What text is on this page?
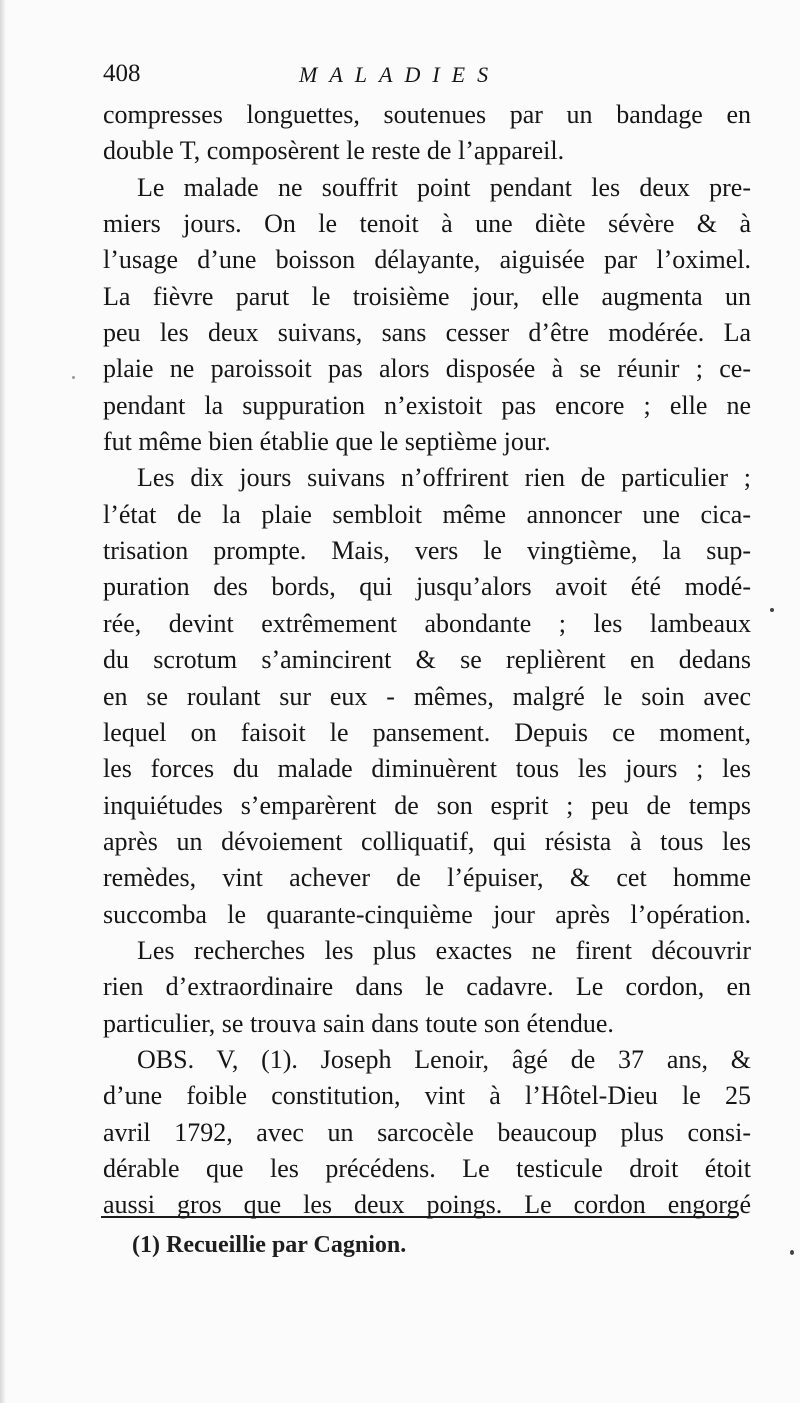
408	MALADIES
compresses longuettes, soutenues par un bandage en
double T, composèrent le reste de l’appareil.
Le malade ne souffrit point pendant les deux pre-
miers jours. On le tenoit à une diète sévère & à
l’usage d’une boisson délayante, aiguisée par l’oximel.
La fièvre parut le troisième jour, elle augmenta un
peu les deux suivans, sans cesser d’être modérée. La
plaie ne paroissoit pas alors disposée à se réunir ; ce-
pendant la suppuration n’existoit pas encore ; elle ne
fut même bien établie que le septième jour.
Les dix jours suivans n’offrirent rien de particulier ;
l’état de la plaie sembloit même annoncer une cica-
trisation prompte. Mais, vers le vingtième, la sup-
puration des bords, qui jusqu’alors avoit été modé-
rée, devint extrêmement abondante ; les lambeaux
du scrotum s’amincirent & se replièrent en dedans
en se roulant sur eux - mêmes, malgré le soin avec
lequel on faisoit le pansement. Depuis ce moment,
les forces du malade diminuèrent tous les jours ; les
inquiétudes s’emparèrent de son esprit ; peu de temps
après un dévoiement colliquatif, qui résista à tous les
remèdes, vint achever de l’épuiser, & cet homme
succomba le quarante-cinquième jour après l’opération.
Les recherches les plus exactes ne firent découvrir
rien d’extraordinaire dans le cadavre. Le cordon, en
particulier, se trouva sain dans toute son étendue.
OBS. V, (1). Joseph Lenoir, âgé de 37 ans, &
d’une foible constitution, vint à l’Hôtel-Dieu le 25
avril 1792, avec un sarcocèle beaucoup plus consi-
dérable que les précédens. Le testicule droit étoit
aussi gros que les deux poings. Le cordon engorgé
(1) Recueillie par Cagnion.
